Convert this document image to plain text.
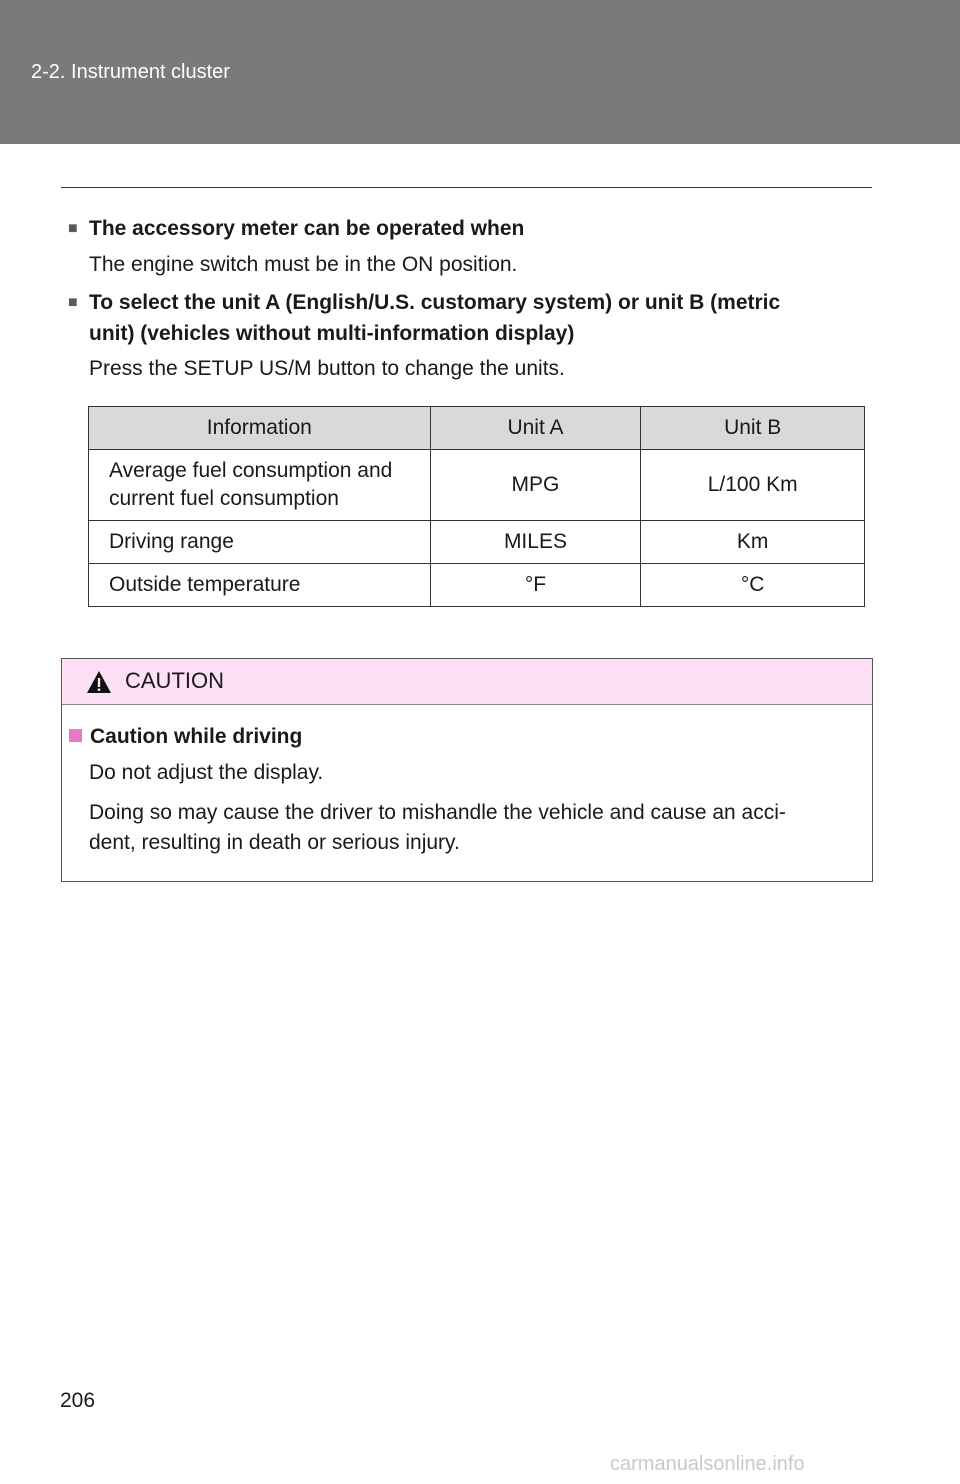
2-2. Instrument cluster
■ The accessory meter can be operated when
The engine switch must be in the ON position.
■ To select the unit A (English/U.S. customary system) or unit B (metric
unit) (vehicles without multi-information display)
Press the SETUP US/M button to change the units.
Information	Unit A	Unit B
Average fuel consumption and
current fuel consumption	MPG	L/100 Km
Driving range	MILES	Km
Outside temperature	°F	°C
CAUTION
Caution while driving
Do not adjust the display.
Doing so may cause the driver to mishandle the vehicle and cause an acci-
dent, resulting in death or serious injury.
206
carmanualsonline.info
